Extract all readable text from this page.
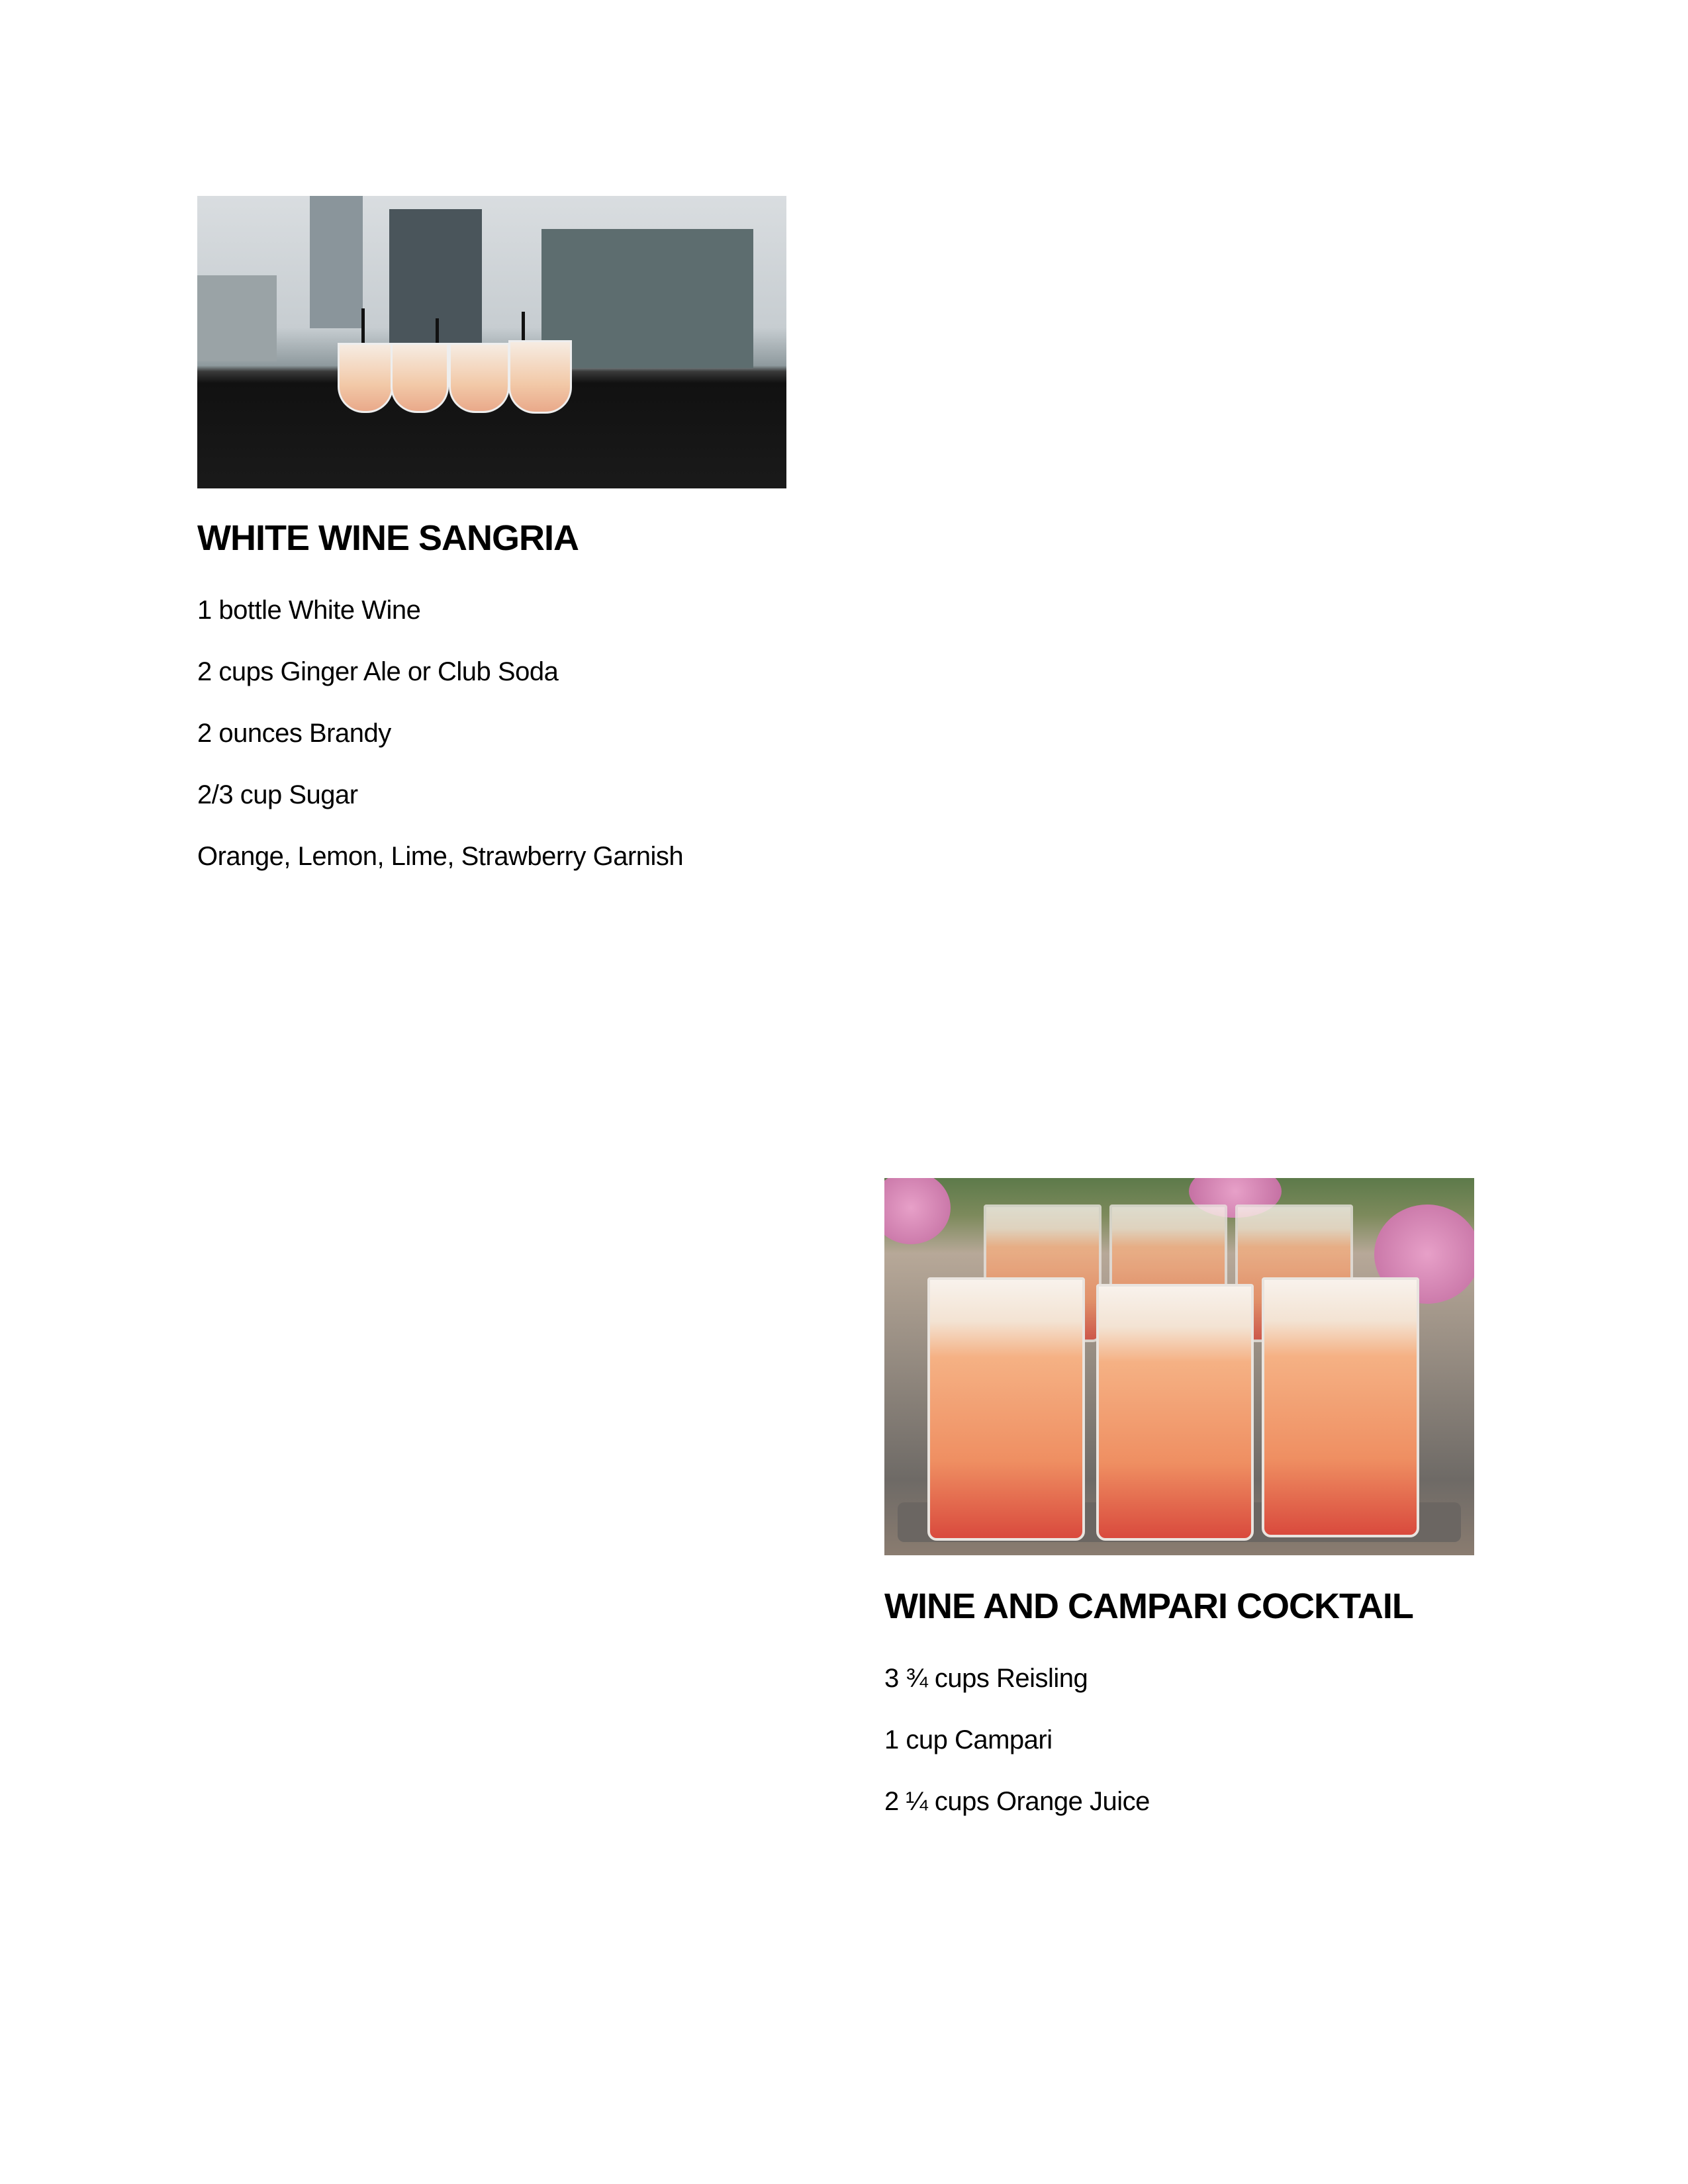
WHITE WINE SANGRIA

1 bottle White Wine

2 cups Ginger Ale or Club Soda

2 ounces Brandy

2/3 cup Sugar

Orange, Lemon, Lime, Strawberry Garnish

WINE AND CAMPARI COCKTAIL

3 ¾ cups Reisling

1 cup Campari

2 ¼ cups Orange Juice
